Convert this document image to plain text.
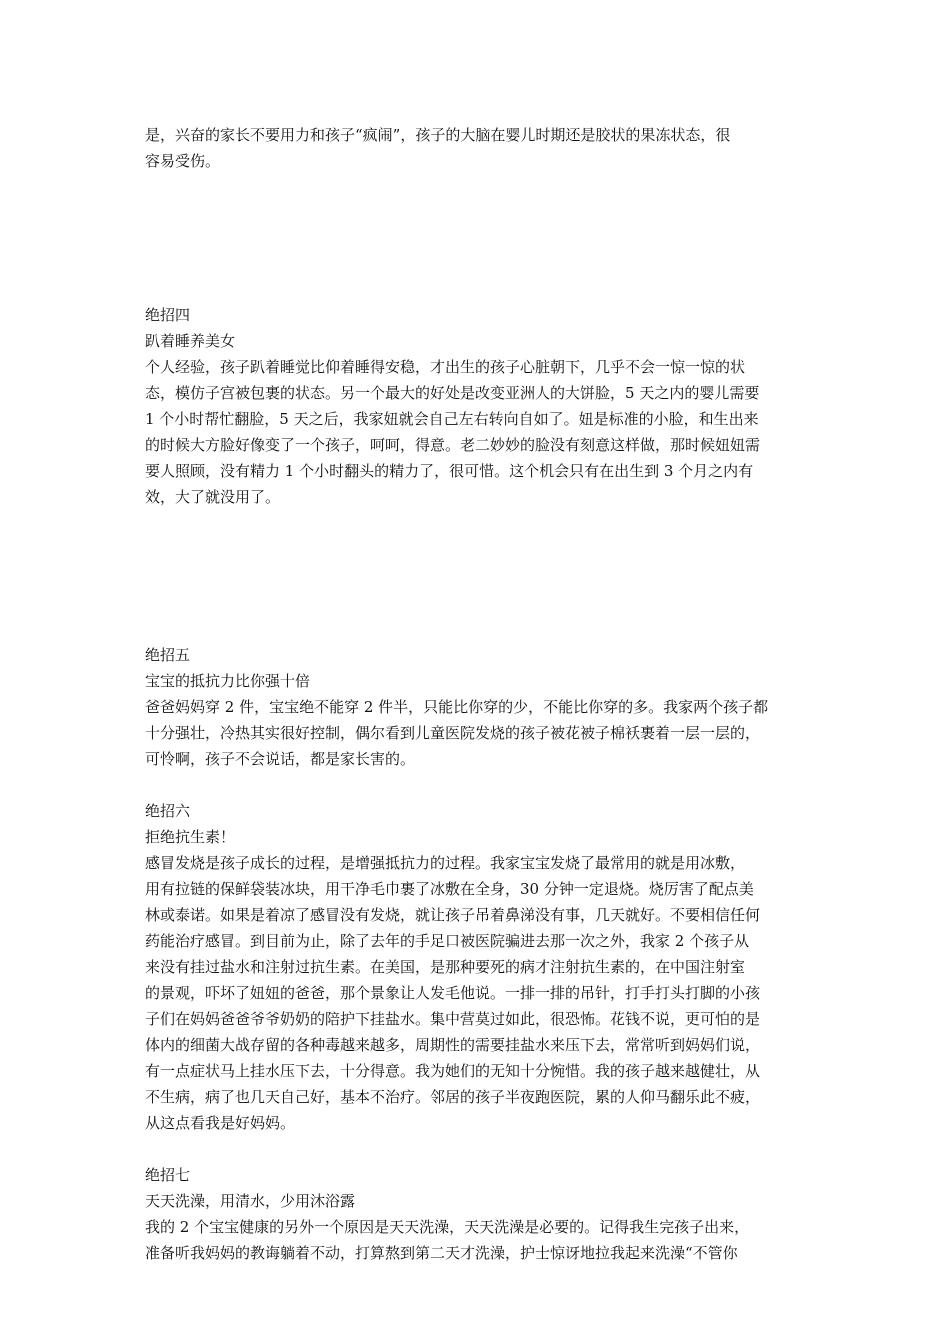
是，兴奋的家长不要用力和孩子“疯闹”，孩子的大脑在婴儿时期还是胶状的果冻状态，很
容易受伤。
绝招四
趴着睡养美女
个人经验，孩子趴着睡觉比仰着睡得安稳，才出生的孩子心脏朝下，几乎不会一惊一惊的状
态，模仿子宫被包裹的状态。另一个最大的好处是改变亚洲人的大饼脸，5 天之内的婴儿需要
1 个小时帮忙翻脸，5 天之后，我家妞就会自己左右转向自如了。妞是标准的小脸，和生出来
的时候大方脸好像变了一个孩子，呵呵，得意。老二妙妙的脸没有刻意这样做，那时候妞妞需
要人照顾，没有精力 1 个小时翻头的精力了，很可惜。这个机会只有在出生到 3 个月之内有
效，大了就没用了。
绝招五
宝宝的抵抗力比你强十倍
爸爸妈妈穿 2 件，宝宝绝不能穿 2 件半，只能比你穿的少，不能比你穿的多。我家两个孩子都
十分强壮，冷热其实很好控制，偶尔看到儿童医院发烧的孩子被花被子棉袄裹着一层一层的，
可怜啊，孩子不会说话，都是家长害的。
绝招六
拒绝抗生素！
感冒发烧是孩子成长的过程，是增强抵抗力的过程。我家宝宝发烧了最常用的就是用冰敷，
用有拉链的保鲜袋装冰块，用干净毛巾裹了冰敷在全身，30 分钟一定退烧。烧厉害了配点美
林或泰诺。如果是着凉了感冒没有发烧，就让孩子吊着鼻涕没有事，几天就好。不要相信任何
药能治疗感冒。到目前为止，除了去年的手足口被医院骗进去那一次之外，我家 2 个孩子从
来没有挂过盐水和注射过抗生素。在美国，是那种要死的病才注射抗生素的，在中国注射室
的景观，吓坏了妞妞的爸爸，那个景象让人发毛他说。一排一排的吊针，打手打头打脚的小孩
子们在妈妈爸爸爷爷奶奶的陪护下挂盐水。集中营莫过如此，很恐怖。花钱不说，更可怕的是
体内的细菌大战存留的各种毒越来越多，周期性的需要挂盐水来压下去，常常听到妈妈们说，
有一点症状马上挂水压下去，十分得意。我为她们的无知十分惋惜。我的孩子越来越健壮，从
不生病，病了也几天自己好，基本不治疗。邻居的孩子半夜跑医院，累的人仰马翻乐此不疲，
从这点看我是好妈妈。
绝招七
天天洗澡，用清水，少用沐浴露
我的 2 个宝宝健康的另外一个原因是天天洗澡，天天洗澡是必要的。记得我生完孩子出来，
准备听我妈妈的教诲躺着不动，打算熬到第二天才洗澡，护士惊讶地拉我起来洗澡“不管你
